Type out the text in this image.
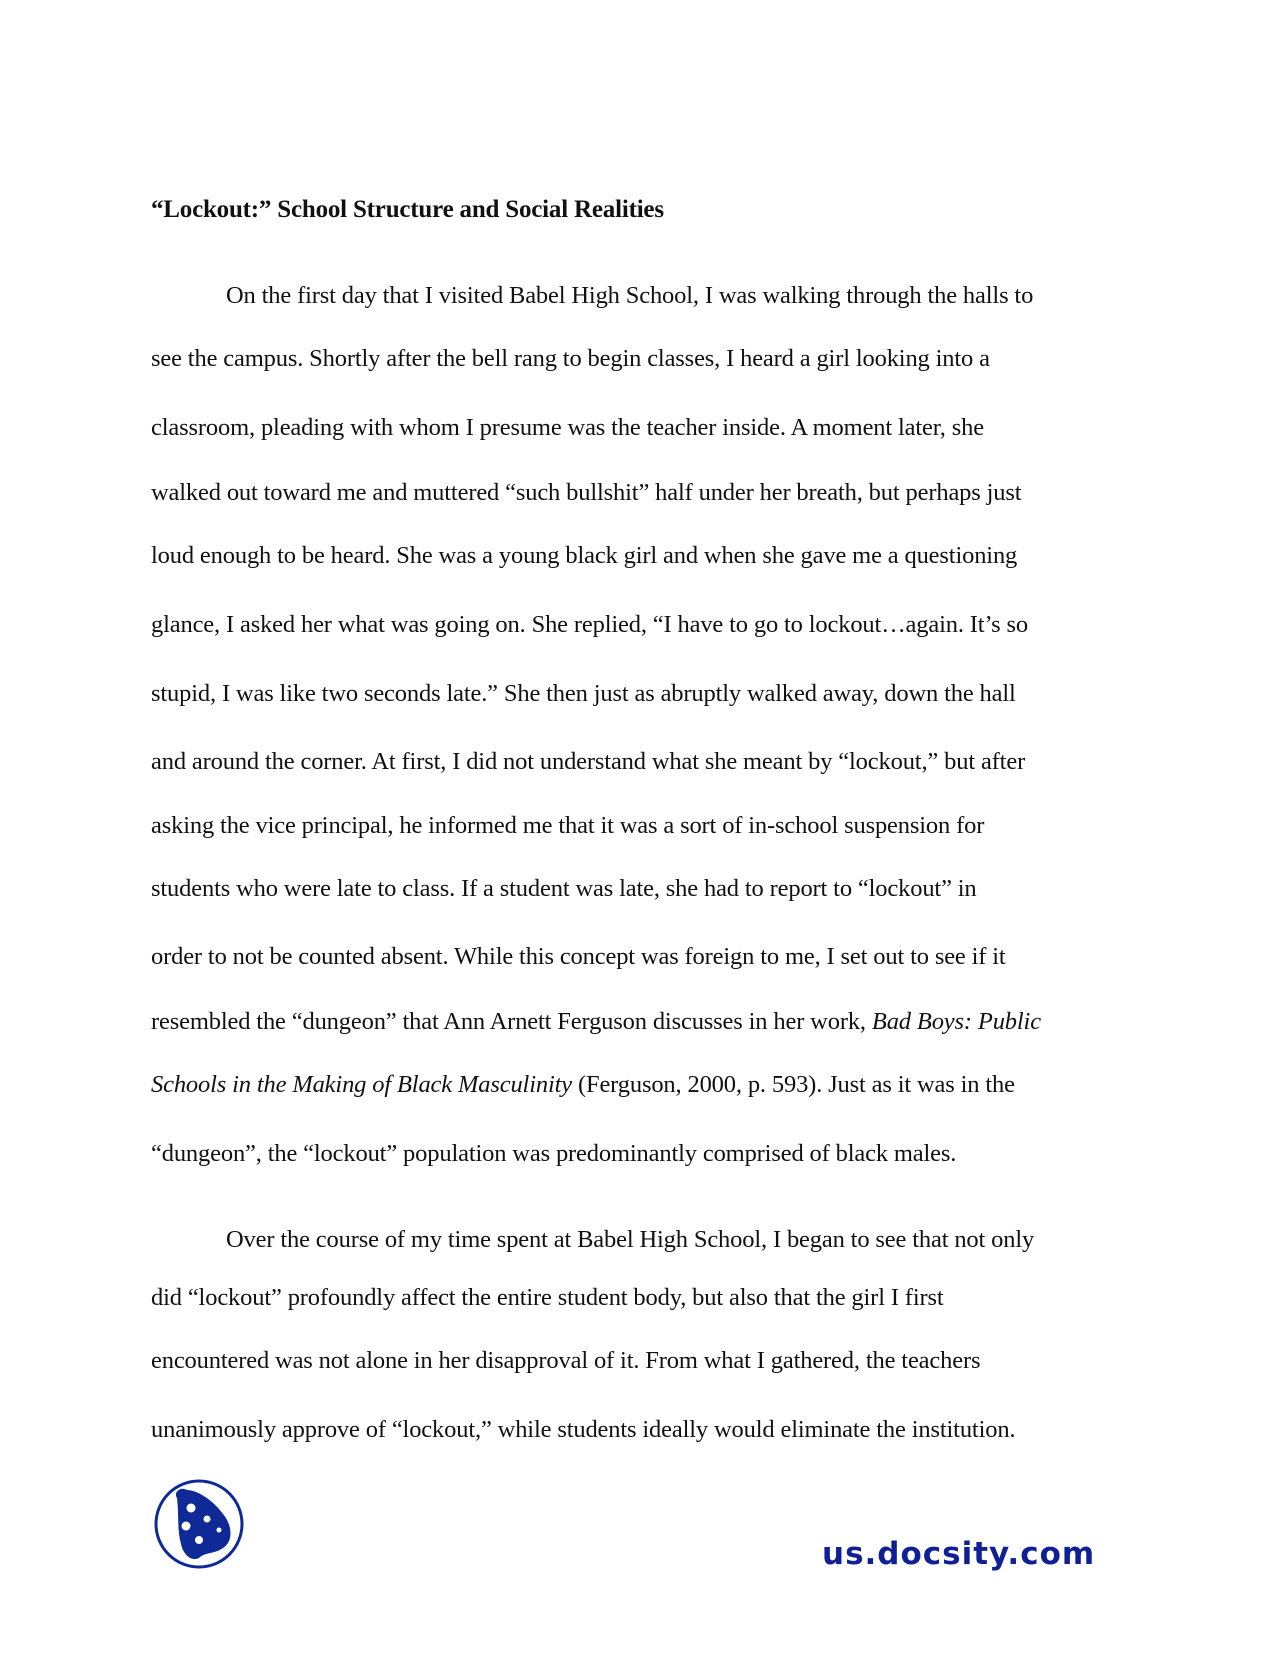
“Lockout:” School Structure and Social Realities
On the first day that I visited Babel High School, I was walking through the halls to
see the campus. Shortly after the bell rang to begin classes, I heard a girl looking into a
classroom, pleading with whom I presume was the teacher inside. A moment later, she
walked out toward me and muttered “such bullshit” half under her breath, but perhaps just
loud enough to be heard. She was a young black girl and when she gave me a questioning
glance, I asked her what was going on. She replied, “I have to go to lockout…again. It’s so
stupid, I was like two seconds late.” She then just as abruptly walked away, down the hall
and around the corner. At first, I did not understand what she meant by “lockout,” but after
asking the vice principal, he informed me that it was a sort of in-school suspension for
students who were late to class. If a student was late, she had to report to “lockout” in
order to not be counted absent. While this concept was foreign to me, I set out to see if it
resembled the “dungeon” that Ann Arnett Ferguson discusses in her work, Bad Boys: Public
Schools in the Making of Black Masculinity (Ferguson, 2000, p. 593). Just as it was in the
“dungeon”, the “lockout” population was predominantly comprised of black males.
Over the course of my time spent at Babel High School, I began to see that not only
did “lockout” profoundly affect the entire student body, but also that the girl I first
encountered was not alone in her disapproval of it. From what I gathered, the teachers
unanimously approve of “lockout,” while students ideally would eliminate the institution.
us.docsity.com
